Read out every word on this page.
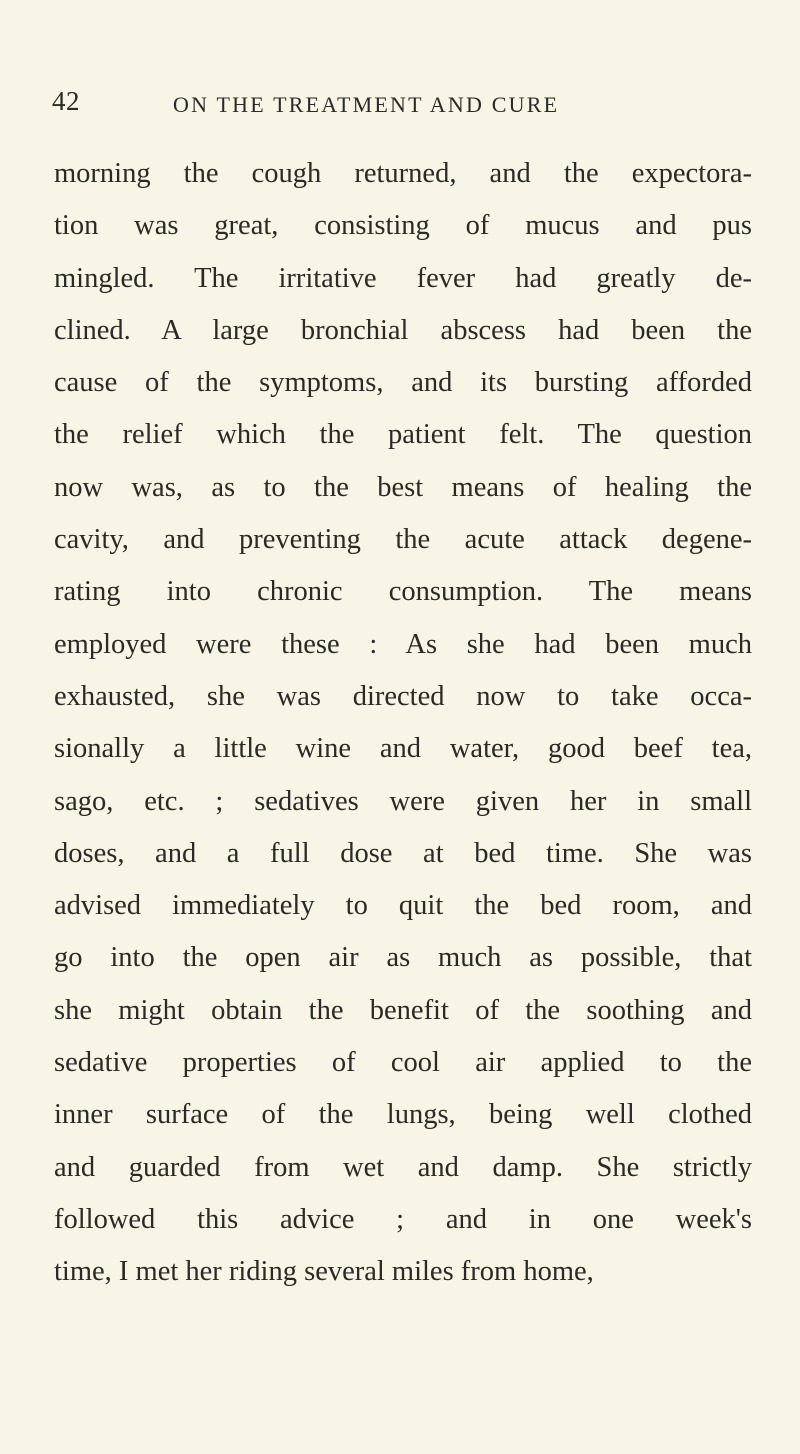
42	ON THE TREATMENT AND CURE
morning the cough returned, and the expectora-
tion was great, consisting of mucus and pus
mingled. The irritative fever had greatly de-
clined. A large bronchial abscess had been the
cause of the symptoms, and its bursting afforded
the relief which the patient felt. The question
now was, as to the best means of healing the
cavity, and preventing the acute attack degene-
rating into chronic consumption. The means
employed were these : As she had been much
exhausted, she was directed now to take occa-
sionally a little wine and water, good beef tea,
sago, etc. ; sedatives were given her in small
doses, and a full dose at bed time. She was
advised immediately to quit the bed room, and
go into the open air as much as possible, that
she might obtain the benefit of the soothing and
sedative properties of cool air applied to the
inner surface of the lungs, being well clothed
and guarded from wet and damp. She strictly
followed this advice ; and in one week's
time, I met her riding several miles from home,
